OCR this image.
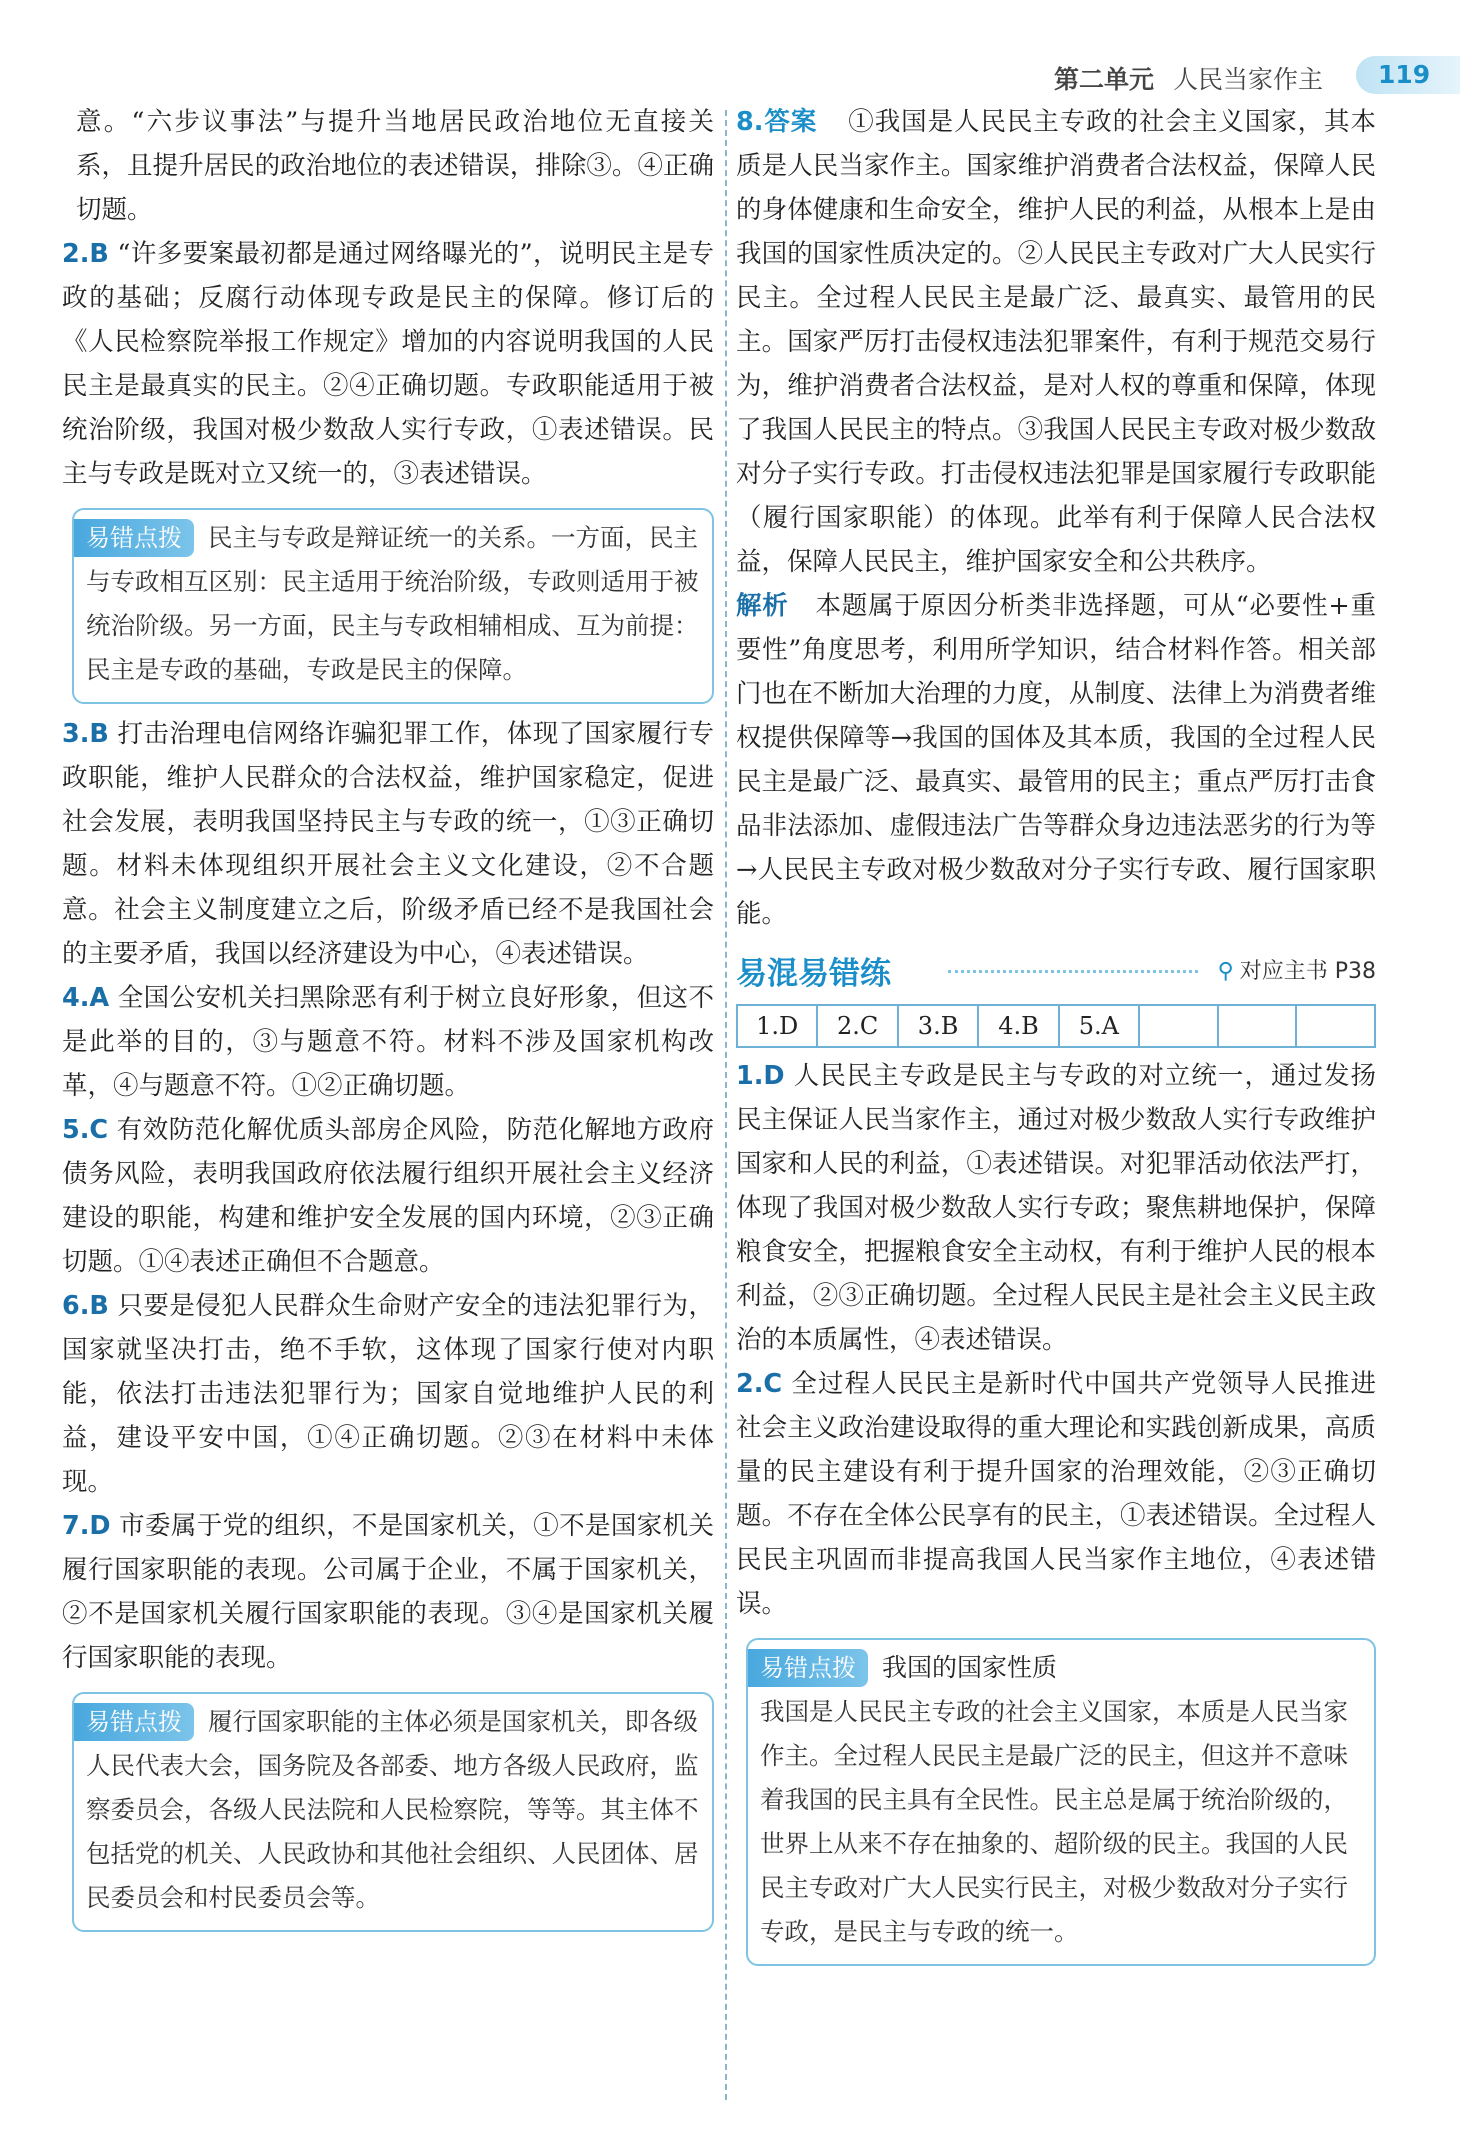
第二单元 人民当家作主 119

意。“六步议事法”与提升当地居民政治地位无直接关系，且提升居民的政治地位的表述错误，排除③。④正确切题。

2.B “许多要案最初都是通过网络曝光的”，说明民主是专政的基础；反腐行动体现专政是民主的保障。修订后的《人民检察院举报工作规定》增加的内容说明我国的人民民主是最真实的民主。②④正确切题。专政职能适用于被统治阶级，我国对极少数敌人实行专政，①表述错误。民主与专政是既对立又统一的，③表述错误。

易错点拨 民主与专政是辩证统一的关系。一方面，民主与专政相互区别：民主适用于统治阶级，专政则适用于被统治阶级。另一方面，民主与专政相辅相成、互为前提：民主是专政的基础，专政是民主的保障。

3.B 打击治理电信网络诈骗犯罪工作，体现了国家履行专政职能，维护人民群众的合法权益，维护国家稳定，促进社会发展，表明我国坚持民主与专政的统一，①③正确切题。材料未体现组织开展社会主义文化建设，②不合题意。社会主义制度建立之后，阶级矛盾已经不是我国社会的主要矛盾，我国以经济建设为中心，④表述错误。

4.A 全国公安机关扫黑除恶有利于树立良好形象，但这不是此举的目的，③与题意不符。材料不涉及国家机构改革，④与题意不符。①②正确切题。

5.C 有效防范化解优质头部房企风险，防范化解地方政府债务风险，表明我国政府依法履行组织开展社会主义经济建设的职能，构建和维护安全发展的国内环境，②③正确切题。①④表述正确但不合题意。

6.B 只要是侵犯人民群众生命财产安全的违法犯罪行为，国家就坚决打击，绝不手软，这体现了国家行使对内职能，依法打击违法犯罪行为；国家自觉地维护人民的利益，建设平安中国，①④正确切题。②③在材料中未体现。

7.D 市委属于党的组织，不是国家机关，①不是国家机关履行国家职能的表现。公司属于企业，不属于国家机关，②不是国家机关履行国家职能的表现。③④是国家机关履行国家职能的表现。

易错点拨 履行国家职能的主体必须是国家机关，即各级人民代表大会，国务院及各部委、地方各级人民政府，监察委员会，各级人民法院和人民检察院，等等。其主体不包括党的机关、人民政协和其他社会组织、人民团体、居民委员会和村民委员会等。

8.答案 ①我国是人民民主专政的社会主义国家，其本质是人民当家作主。国家维护消费者合法权益，保障人民的身体健康和生命安全，维护人民的利益，从根本上是由我国的国家性质决定的。②人民民主专政对广大人民实行民主。全过程人民民主是最广泛、最真实、最管用的民主。国家严厉打击侵权违法犯罪案件，有利于规范交易行为，维护消费者合法权益，是对人权的尊重和保障，体现了我国人民民主的特点。③我国人民民主专政对极少数敌对分子实行专政。打击侵权违法犯罪是国家履行专政职能（履行国家职能）的体现。此举有利于保障人民合法权益，保障人民民主，维护国家安全和公共秩序。

解析 本题属于原因分析类非选择题，可从“必要性+重要性”角度思考，利用所学知识，结合材料作答。相关部门也在不断加大治理的力度，从制度、法律上为消费者维权提供保障等→我国的国体及其本质，我国的全过程人民民主是最广泛、最真实、最管用的民主；重点严厉打击食品非法添加、虚假违法广告等群众身边违法恶劣的行为等→人民民主专政对极少数敌对分子实行专政、履行国家职能。

易混易错练	⚲ 对应主书 P38
1.D	2.C	3.B	4.B	5.A			

1.D 人民民主专政是民主与专政的对立统一，通过发扬民主保证人民当家作主，通过对极少数敌人实行专政维护国家和人民的利益，①表述错误。对犯罪活动依法严打，体现了我国对极少数敌人实行专政；聚焦耕地保护，保障粮食安全，把握粮食安全主动权，有利于维护人民的根本利益，②③正确切题。全过程人民民主是社会主义民主政治的本质属性，④表述错误。

2.C 全过程人民民主是新时代中国共产党领导人民推进社会主义政治建设取得的重大理论和实践创新成果，高质量的民主建设有利于提升国家的治理效能，②③正确切题。不存在全体公民享有的民主，①表述错误。全过程人民民主巩固而非提高我国人民当家作主地位，④表述错误。

易错点拨 我国的国家性质
我国是人民民主专政的社会主义国家，本质是人民当家作主。全过程人民民主是最广泛的民主，但这并不意味着我国的民主具有全民性。民主总是属于统治阶级的，世界上从来不存在抽象的、超阶级的民主。我国的人民民主专政对广大人民实行民主，对极少数敌对分子实行专政，是民主与专政的统一。
